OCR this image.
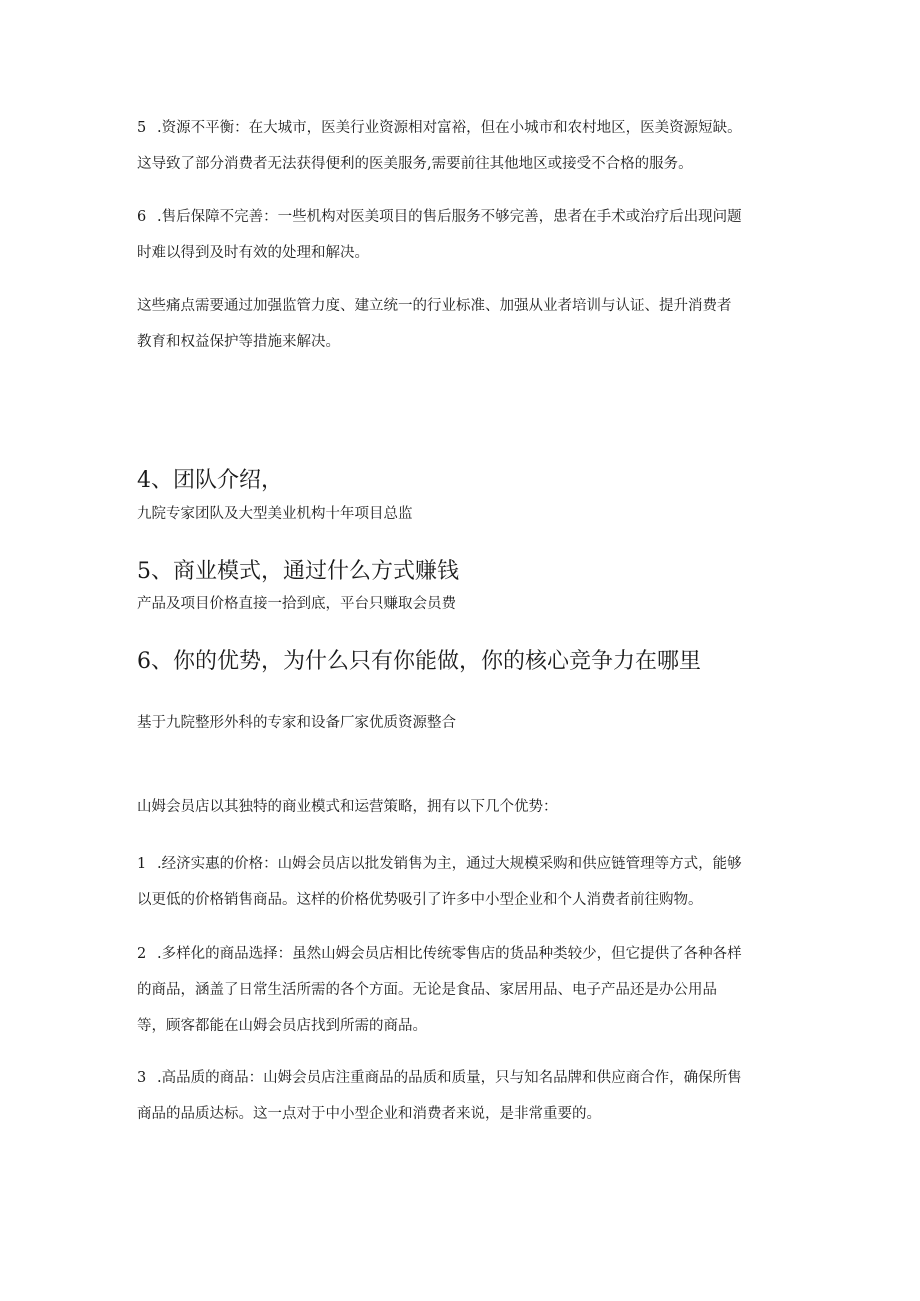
5 .资源不平衡：在大城市，医美行业资源相对富裕，但在小城市和农村地区，医美资源短缺。
这导致了部分消费者无法获得便利的医美服务,需要前往其他地区或接受不合格的服务。
6 .售后保障不完善：一些机构对医美项目的售后服务不够完善，患者在手术或治疗后出现问题
时难以得到及时有效的处理和解决。
这些痛点需要通过加强监管力度、建立统一的行业标准、加强从业者培训与认证、提升消费者
教育和权益保护等措施来解决。
4、团队介绍，
九院专家团队及大型美业机构十年项目总监
5、商业模式，通过什么方式赚钱
产品及项目价格直接一拾到底，平台只赚取会员费
6、你的优势，为什么只有你能做，你的核心竞争力在哪里
基于九院整形外科的专家和设备厂家优质资源整合
山姆会员店以其独特的商业模式和运营策略，拥有以下几个优势：
1 .经济实惠的价格：山姆会员店以批发销售为主，通过大规模采购和供应链管理等方式，能够
以更低的价格销售商品。这样的价格优势吸引了许多中小型企业和个人消费者前往购物。
2 .多样化的商品选择：虽然山姆会员店相比传统零售店的货品种类较少，但它提供了各种各样
的商品，涵盖了日常生活所需的各个方面。无论是食品、家居用品、电子产品还是办公用品
等，顾客都能在山姆会员店找到所需的商品。
3 .高品质的商品：山姆会员店注重商品的品质和质量，只与知名品牌和供应商合作，确保所售
商品的品质达标。这一点对于中小型企业和消费者来说，是非常重要的。
